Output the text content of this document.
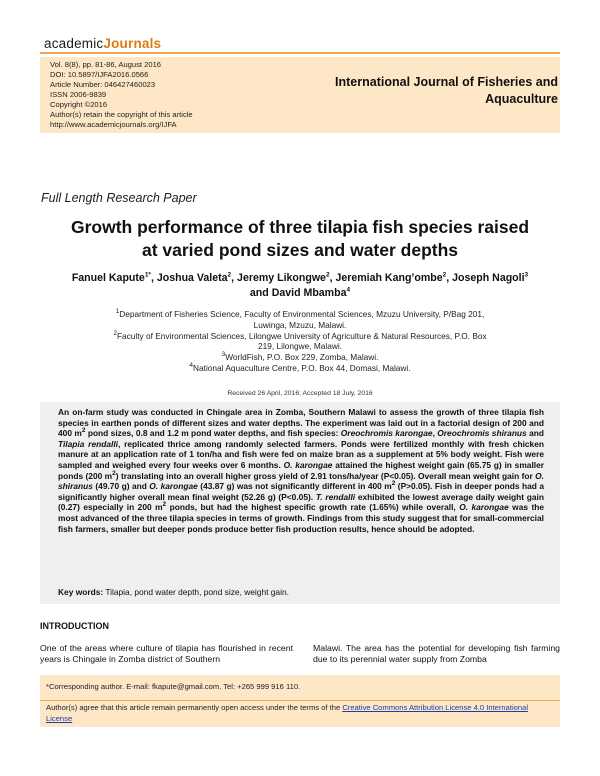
academicJournals
Vol. 8(8), pp. 81-86, August 2016
DOI: 10.5897/IJFA2016.0566
Article Number: 046427460023
ISSN 2006-9839
Copyright ©2016
Author(s) retain the copyright of this article
http://www.academicjournals.org/IJFA
International Journal of Fisheries and
Aquaculture
Full Length Research Paper
Growth performance of three tilapia fish species raised
at varied pond sizes and water depths
Fanuel Kapute$^{1*}$, Joshua Valeta$^2$, Jeremy Likongwe$^2$, Jeremiah Kang’ombe$^2$, Joseph Nagoli$^3$
and David Mbamba$^4$
$^1$Department of Fisheries Science, Faculty of Environmental Sciences, Mzuzu University, P/Bag 201, Luwinga, Mzuzu, Malawi.
$^2$Faculty of Environmental Sciences, Lilongwe University of Agriculture & Natural Resources, P.O. Box 219, Lilongwe, Malawi.
$^3$WorldFish, P.O. Box 229, Zomba, Malawi.
$^4$National Aquaculture Centre, P.O. Box 44, Domasi, Malawi.
Received 26 April, 2016; Accepted 18 July, 2016
An on-farm study was conducted in Chingale area in Zomba, Southern Malawi to assess the growth of three tilapia fish species in earthen ponds of different sizes and water depths. The experiment was laid out in a factorial design of 200 and 400 $m^2$ pond sizes, 0.8 and 1.2 m pond water depths, and fish species: Oreochromis karongae, Oreochromis shiranus and Tilapia rendalli, replicated thrice among randomly selected farmers. Ponds were fertilized monthly with fresh chicken manure at an application rate of 1 ton/ha and fish were fed on maize bran as a supplement at 5% body weight. Fish were sampled and weighed every four weeks over 6 months. O. karongae attained the highest weight gain (65.75 g) in smaller ponds (200 $m^2$) translating into an overall higher gross yield of 2.91 tons/ha/year (P<0.05). Overall mean weight gain for O. shiranus (49.70 g) and O. karongae (43.87 g) was not significantly different in 400 $m^2$ (P>0.05). Fish in deeper ponds had a significantly higher overall mean final weight (52.26 g) (P<0.05). T. rendalli exhibited the lowest average daily weight gain (0.27) especially in 200 $m^2$ ponds, but had the highest specific growth rate (1.65%) while overall, O. karongae was the most advanced of the three tilapia species in terms of growth. Findings from this study suggest that for small-commercial fish farmers, smaller but deeper ponds produce better fish production results, hence should be adopted.
Key words: Tilapia, pond water depth, pond size, weight gain.
INTRODUCTION
One of the areas where culture of tilapia has flourished in recent years is Chingale in Zomba district of Southern
Malawi. The area has the potential for developing fish farming due to its perennial water supply from Zomba
*Corresponding author. E-mail: fkapute@gmail.com. Tel: +265 999 916 110.
Author(s) agree that this article remain permanently open access under the terms of the Creative Commons Attribution License 4.0 International License
